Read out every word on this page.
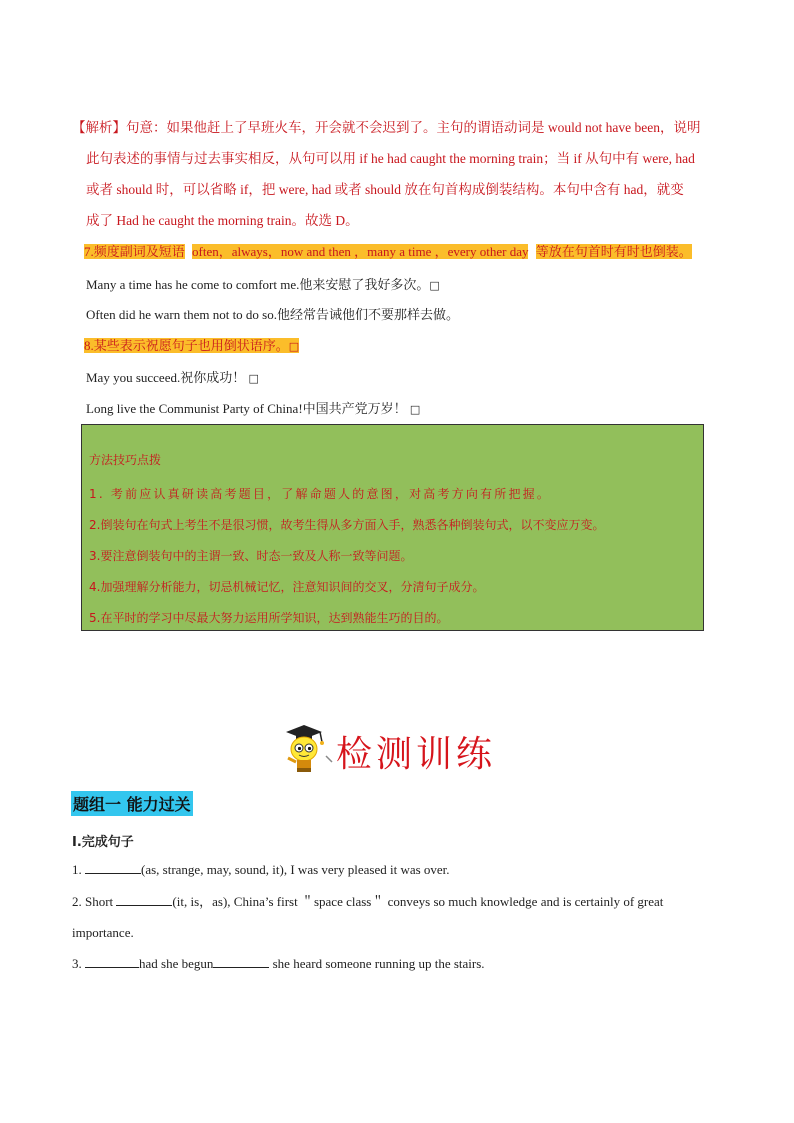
【解析】句意：如果他赶上了早班火车，开会就不会迟到了。主句的谓语动词是 would not have been，说明

此句表述的事情与过去事实相反，从句可以用 if he had caught the morning train；当 if 从句中有 were, had

或者 should 时，可以省略 if，把 were, had 或者 should 放在句首构成倒装结构。本句中含有 had，就变

成了 Had he caught the morning train。故选 D。

7.频度副词及短语 often，always，now and then ，many a time ，every other day 等放在句首时有时也倒装。
Many a time has he come to comfort me.他来安慰了我好多次。□
Often did he warn them not to do so.他经常告诫他们不要那样去做。
8.某些表示祝愿句子也用倒状语序。□
May you succeed.祝你成功！ □
Long live the Communist Party of China!中国共产党万岁！ □
方法技巧点拨
1. 考前应认真研读高考题目，了解命题人的意图，对高考方向有所把握。
2.倒装句在句式上考生不是很习惯，故考生得从多方面入手，熟悉各种倒装句式，以不变应万变。
3.要注意倒装句中的主谓一致、时态一致及人称一致等问题。
4.加强理解分析能力，切忌机械记忆，注意知识间的交叉，分清句子成分。
5.在平时的学习中尽最大努力运用所学知识，达到熟能生巧的目的。
检测训练
题组一 能力过关
I.完成句子
1.	(as, strange, may, sound, it), I was very pleased it was over.
2. Short	(it, is，as), China’s first ＂space class＂ conveys so much knowledge and is certainly of great
importance.
3.	had she begun	she heard someone running up the stairs.
